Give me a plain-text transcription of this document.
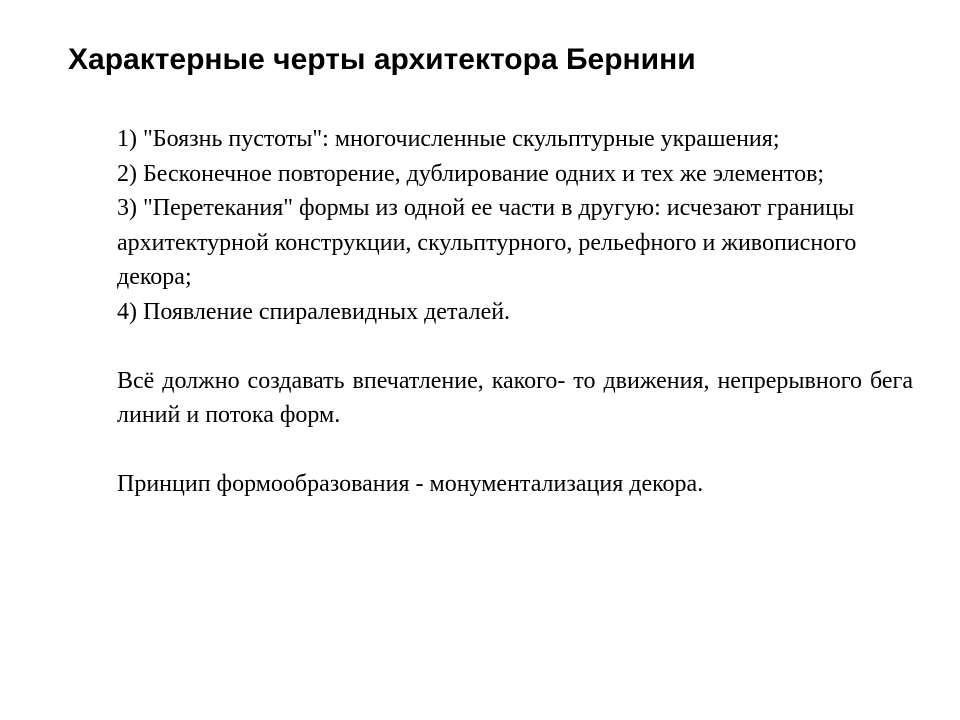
Характерные черты архитектора Бернини
1) "Боязнь пустоты": многочисленные скульптурные украшения;
2) Бесконечное повторение, дублирование одних и тех же элементов;
3) "Перетекания" формы из одной ее части в другую: исчезают границы архитектурной конструкции, скульптурного, рельефного и живописного декора;
4) Появление спиралевидных деталей.

Всё должно создавать впечатление, какого- то движения, непрерывного бега линий и потока форм.

Принцип формообразования - монументализация декора.
